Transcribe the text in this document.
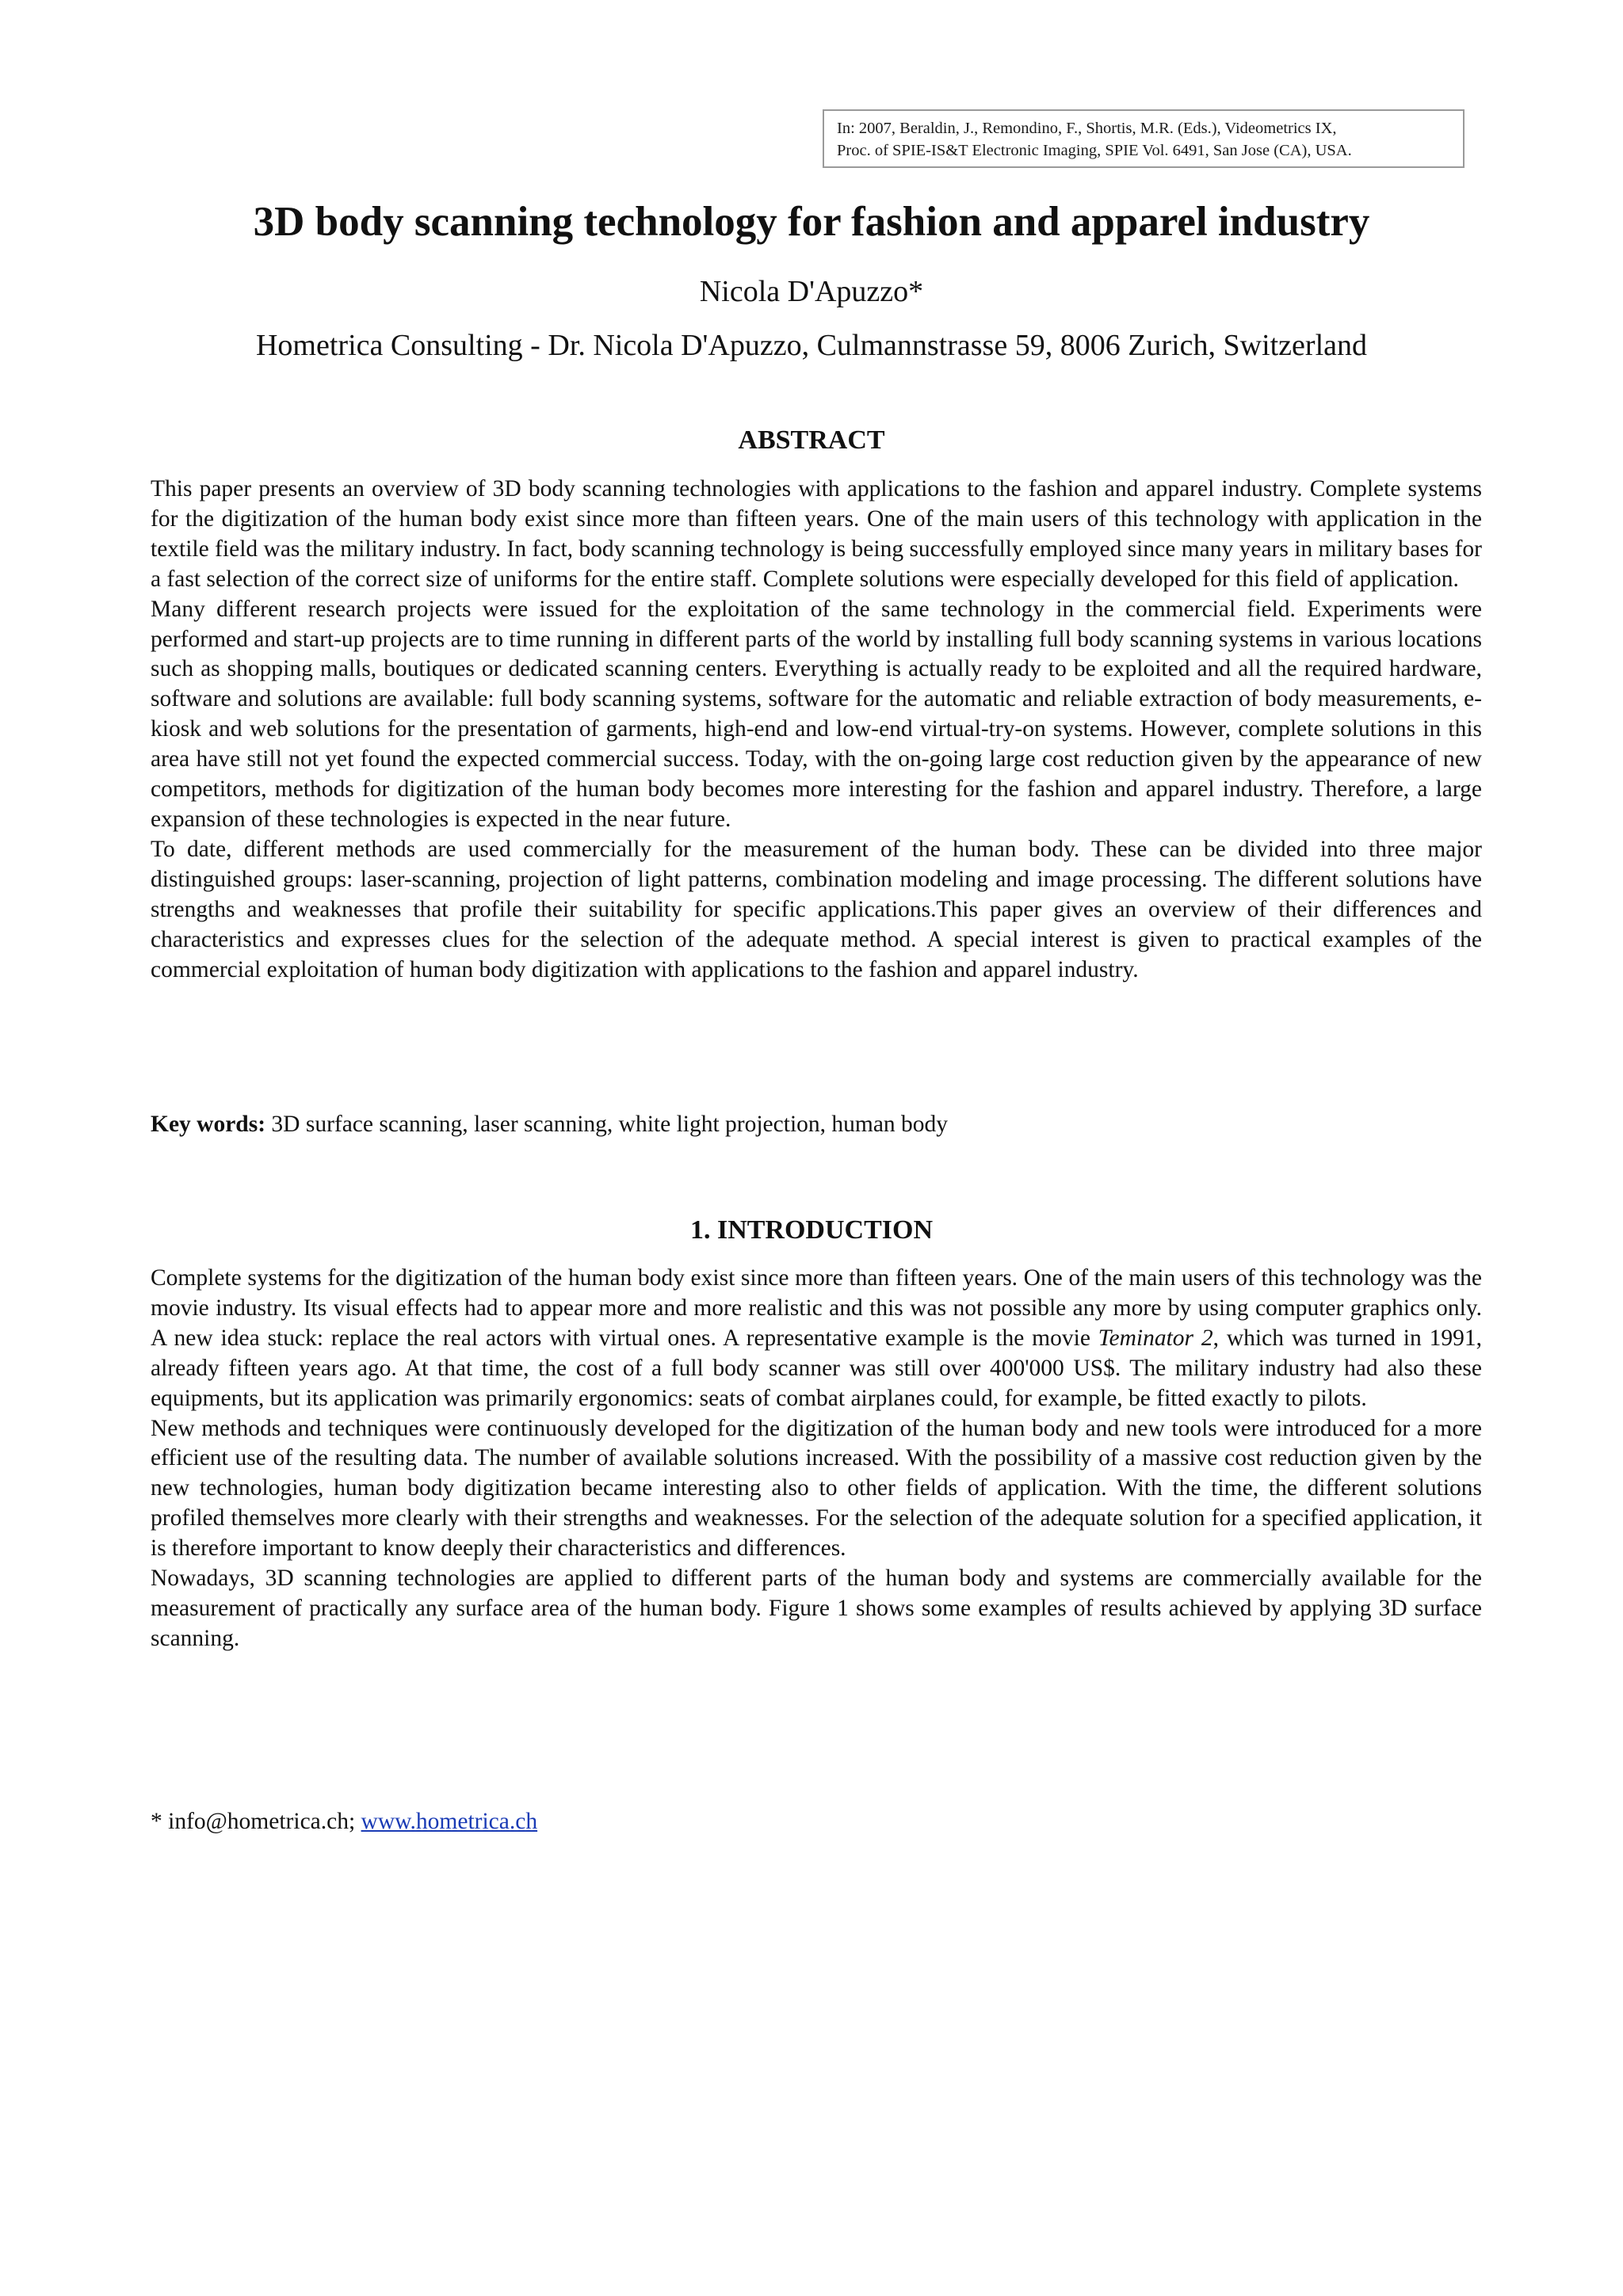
In: 2007, Beraldin, J., Remondino, F., Shortis, M.R. (Eds.), Videometrics IX,
Proc. of SPIE-IS&T Electronic Imaging, SPIE Vol. 6491, San Jose (CA), USA.
3D body scanning technology for fashion and apparel industry
Nicola D'Apuzzo*
Hometrica Consulting - Dr. Nicola D'Apuzzo, Culmannstrasse 59, 8006 Zurich, Switzerland
ABSTRACT

This paper presents an overview of 3D body scanning technologies with applications to the fashion and apparel industry. Complete systems for the digitization of the human body exist since more than fifteen years. One of the main users of this technology with application in the textile field was the military industry. In fact, body scanning technology is being successfully employed since many years in military bases for a fast selection of the correct size of uniforms for the entire staff. Complete solutions were especially developed for this field of application.

Many different research projects were issued for the exploitation of the same technology in the commercial field. Experiments were performed and start-up projects are to time running in different parts of the world by installing full body scanning systems in various locations such as shopping malls, boutiques or dedicated scanning centers. Everything is actually ready to be exploited and all the required hardware, software and solutions are available: full body scanning systems, software for the automatic and reliable extraction of body measurements, e-kiosk and web solutions for the presentation of garments, high-end and low-end virtual-try-on systems. However, complete solutions in this area have still not yet found the expected commercial success. Today, with the on-going large cost reduction given by the appearance of new competitors, methods for digitization of the human body becomes more interesting for the fashion and apparel industry. Therefore, a large expansion of these technologies is expected in the near future.

To date, different methods are used commercially for the measurement of the human body. These can be divided into three major distinguished groups: laser-scanning, projection of light patterns, combination modeling and image processing. The different solutions have strengths and weaknesses that profile their suitability for specific applications.This paper gives an overview of their differences and characteristics and expresses clues for the selection of the adequate method. A special interest is given to practical examples of the commercial exploitation of human body digitization with applications to the fashion and apparel industry.

Key words: 3D surface scanning, laser scanning, white light projection, human body
1. INTRODUCTION

Complete systems for the digitization of the human body exist since more than fifteen years. One of the main users of this technology was the movie industry. Its visual effects had to appear more and more realistic and this was not possible any more by using computer graphics only. A new idea stuck: replace the real actors with virtual ones. A representative example is the movie Teminator 2, which was turned in 1991, already fifteen years ago. At that time, the cost of a full body scanner was still over 400'000 US$. The military industry had also these equipments, but its application was primarily ergonomics: seats of combat airplanes could, for example, be fitted exactly to pilots.

New methods and techniques were continuously developed for the digitization of the human body and new tools were introduced for a more efficient use of the resulting data. The number of available solutions increased. With the possibility of a massive cost reduction given by the new technologies, human body digitization became interesting also to other fields of application. With the time, the different solutions profiled themselves more clearly with their strengths and weaknesses. For the selection of the adequate solution for a specified application, it is therefore important to know deeply their characteristics and differences.

Nowadays, 3D scanning technologies are applied to different parts of the human body and systems are commercially available for the measurement of practically any surface area of the human body. Figure 1 shows some examples of results achieved by applying 3D surface scanning.

* info@hometrica.ch; www.hometrica.ch
